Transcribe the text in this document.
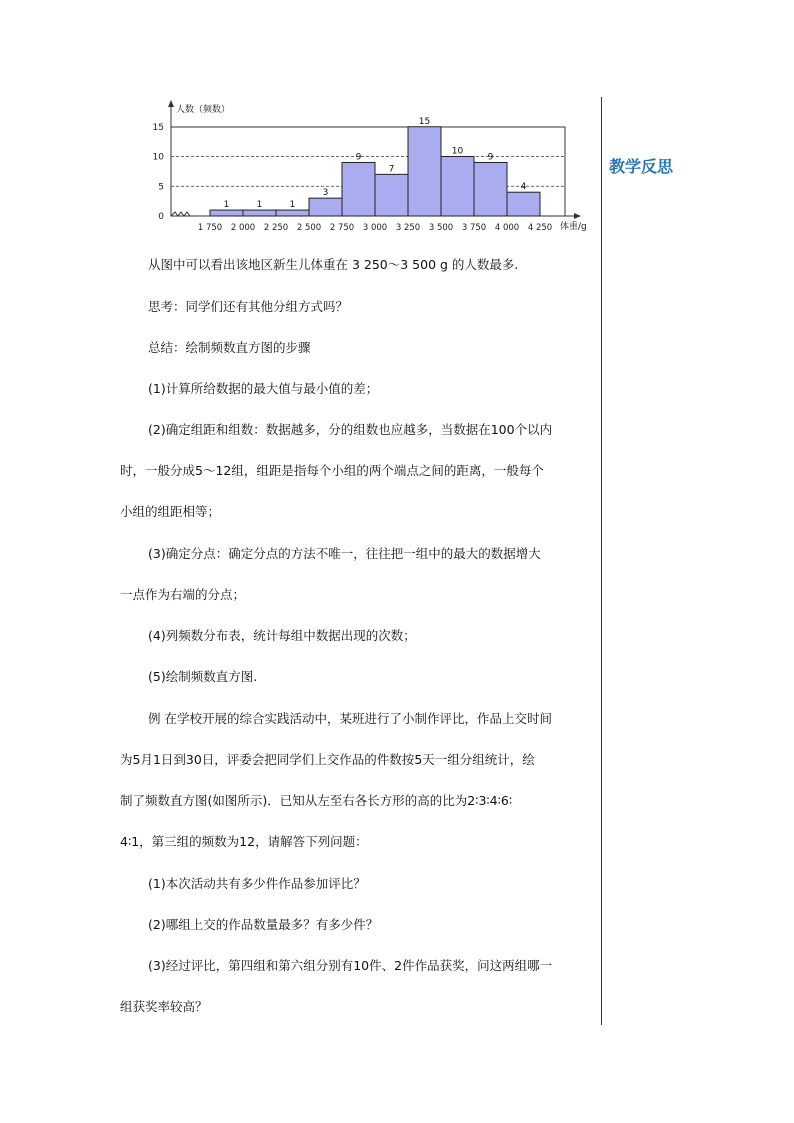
1	1	1
3
9
7
15
10
9
4
1 750 2 000 2 250 2 500 2 750 3 000 3 250 3 500 3 750 4 000 4 250
0
5
10
15
人数（频数）
体重/g
教学反思
从图中可以看出该地区新生儿体重在 3 250～3 500 g 的人数最多.
思考：同学们还有其他分组方式吗？
总结：绘制频数直方图的步骤
(1)计算所给数据的最大值与最小值的差；
(2)确定组距和组数：数据越多，分的组数也应越多，当数据在100个以内
时，一般分成5～12组，组距是指每个小组的两个端点之间的距离，一般每个
小组的组距相等；
(3)确定分点：确定分点的方法不唯一，往往把一组中的最大的数据增大
一点作为右端的分点；
(4)列频数分布表，统计每组中数据出现的次数；
(5)绘制频数直方图.
例 在学校开展的综合实践活动中，某班进行了小制作评比，作品上交时间
为5月1日到30日，评委会把同学们上交作品的件数按5天一组分组统计，绘
制了频数直方图(如图所示)．已知从左至右各长方形的高的比为2∶3∶4∶6∶
4∶1，第三组的频数为12，请解答下列问题：
(1)本次活动共有多少件作品参加评比？
(2)哪组上交的作品数量最多？有多少件？
(3)经过评比，第四组和第六组分别有10件、2件作品获奖，问这两组哪一
组获奖率较高？
